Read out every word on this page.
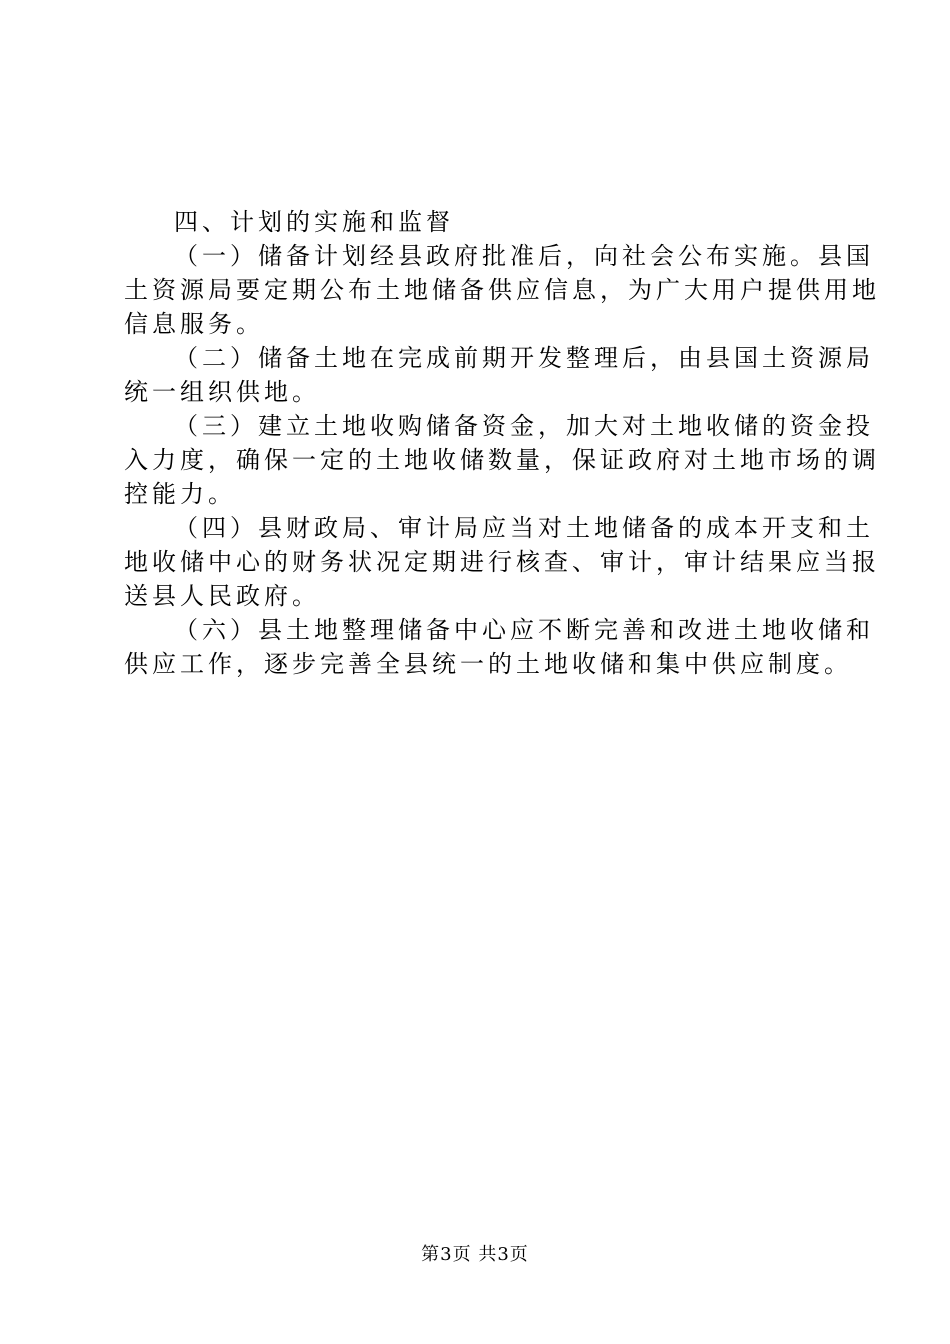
四、计划的实施和监督

（一）储备计划经县政府批准后，向社会公布实施。县国
土资源局要定期公布土地储备供应信息，为广大用户提供用地
信息服务。

（二）储备土地在完成前期开发整理后，由县国土资源局
统一组织供地。

（三）建立土地收购储备资金，加大对土地收储的资金投
入力度，确保一定的土地收储数量，保证政府对土地市场的调
控能力。

（四）县财政局、审计局应当对土地储备的成本开支和土
地收储中心的财务状况定期进行核查、审计，审计结果应当报
送县人民政府。

（六）县土地整理储备中心应不断完善和改进土地收储和
供应工作，逐步完善全县统一的土地收储和集中供应制度。

第3页 共3页
